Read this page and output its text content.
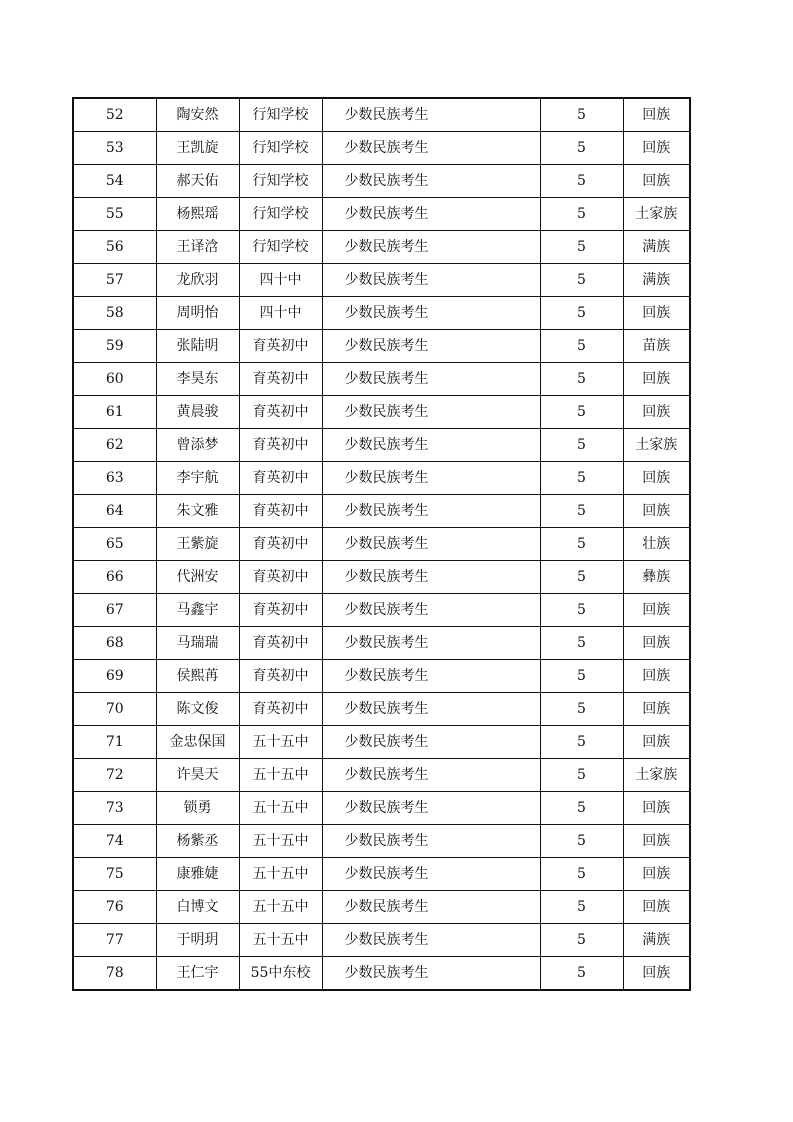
52	陶安然	行知学校	少数民族考生	5	回族
53	王凯旋	行知学校	少数民族考生	5	回族
54	郝天佑	行知学校	少数民族考生	5	回族
55	杨熙瑶	行知学校	少数民族考生	5	土家族
56	王译浛	行知学校	少数民族考生	5	满族
57	龙欣羽	四十中	少数民族考生	5	满族
58	周明怡	四十中	少数民族考生	5	回族
59	张陆明	育英初中	少数民族考生	5	苗族
60	李昊东	育英初中	少数民族考生	5	回族
61	黄晨骏	育英初中	少数民族考生	5	回族
62	曾添梦	育英初中	少数民族考生	5	土家族
63	李宇航	育英初中	少数民族考生	5	回族
64	朱文雅	育英初中	少数民族考生	5	回族
65	王紫旋	育英初中	少数民族考生	5	壮族
66	代洲安	育英初中	少数民族考生	5	彝族
67	马鑫宇	育英初中	少数民族考生	5	回族
68	马瑞瑞	育英初中	少数民族考生	5	回族
69	侯熙苒	育英初中	少数民族考生	5	回族
70	陈文俊	育英初中	少数民族考生	5	回族
71	金忠保国	五十五中	少数民族考生	5	回族
72	许昊天	五十五中	少数民族考生	5	土家族
73	锁勇	五十五中	少数民族考生	5	回族
74	杨紫丞	五十五中	少数民族考生	5	回族
75	康雅婕	五十五中	少数民族考生	5	回族
76	白博文	五十五中	少数民族考生	5	回族
77	于明玥	五十五中	少数民族考生	5	满族
78	王仁宇	55中东校	少数民族考生	5	回族
